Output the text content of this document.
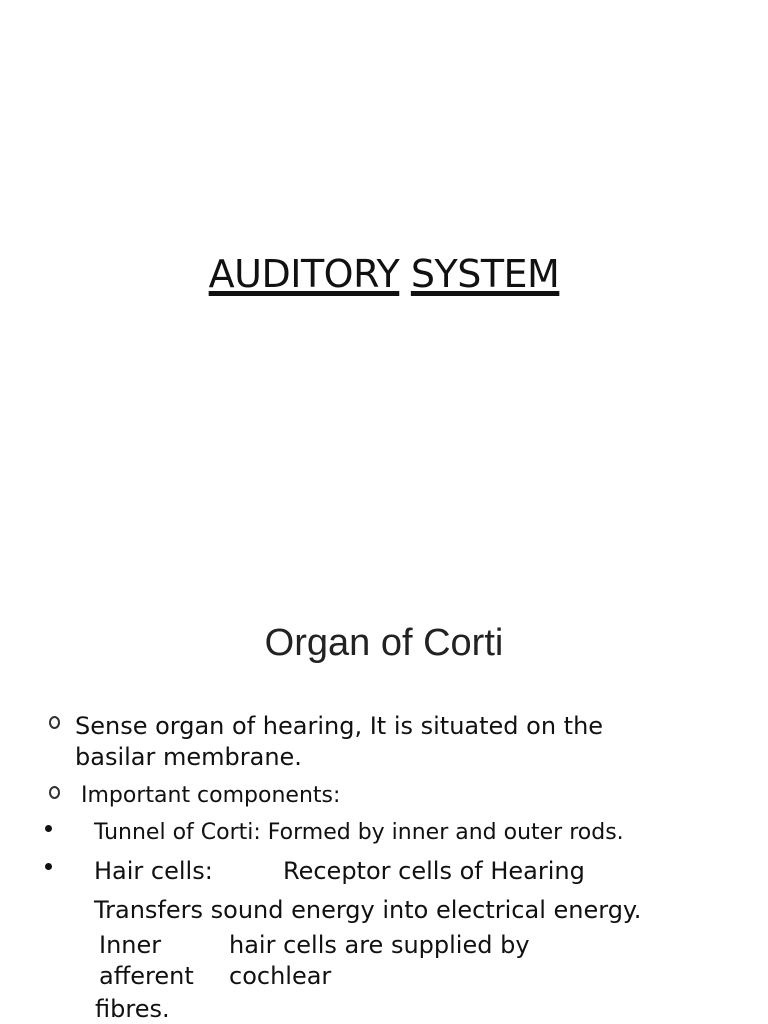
AUDITORY SYSTEM
Organ of Corti
Sense organ of hearing, It is situated on the
basilar membrane.
Important components:
Tunnel of Corti: Formed by inner and outer rods.
Hair cells:	Receptor cells of Hearing
Transfers sound energy into electrical energy.
Inner	hair cells are supplied by
afferent cochlear
fibres.
